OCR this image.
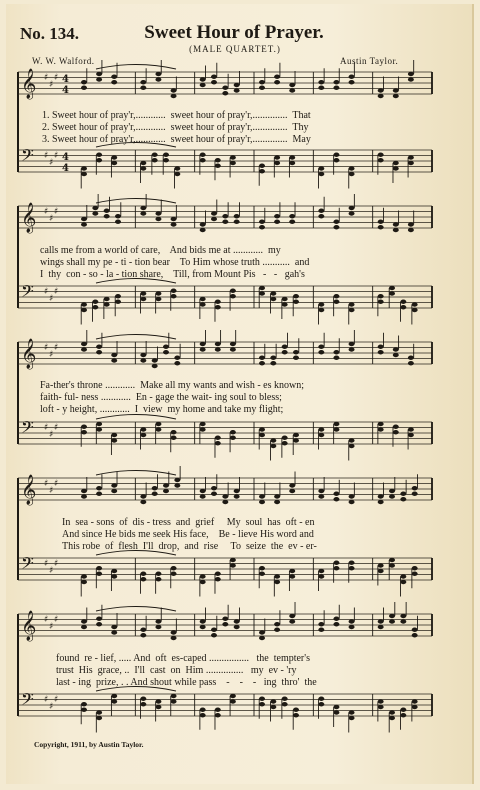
No. 134.	Sweet Hour of Prayer.
(MALE QUARTET.)
W. W. Walford.	Austin Taylor.
𝄞 ♯
♯
♯ 4
4
𝄢 ♯
♯
♯ 4
4
𝄞 ♯
♯
♯
𝄢 ♯
♯
♯
𝄞 ♯
♯
♯
𝄢 ♯
♯
♯
𝄞 ♯
♯
♯
𝄢 ♯
♯
♯
𝄞 ♯
♯
♯
𝄢 ♯
♯
♯
1. Sweet hour of pray'r,............  sweet hour of pray'r,..............  That
2. Sweet hour of pray'r,............  sweet hour of pray'r,..............  Thy
3. Sweet hour of pray'r,............  sweet hour of pray'r,..............  May
calls me from a world of care,    And bids me at ............  my
wings shall my pe - ti - tion bear    To Him whose truth ...........  and
I  thy  con - so - la - tion share,    Till, from Mount Pis   -   -   gah's
Fa-ther's throne ............  Make all my wants and wish - es known;
faith- ful- ness ............  En - gage the wait- ing soul to bless;
loft - y height, ............  I  view  my home and take my flight;
In  sea - sons  of  dis - tress  and  grief     My  soul  has  oft - en
And since He bids me seek His face,    Be - lieve His word and
This robe  of  flesh  I'll  drop,  and  rise     To  seize  the  ev - er-
found  re - lief, ..... And  oft  es-caped ................   the  tempter's
trust  His  grace, ..  I'll  cast  on  Him ...............   my  ev - 'ry
last - ing  prize, . . And shout while pass    -    -    -   ing  thro'  the
Copyright, 1911, by Austin Taylor.
